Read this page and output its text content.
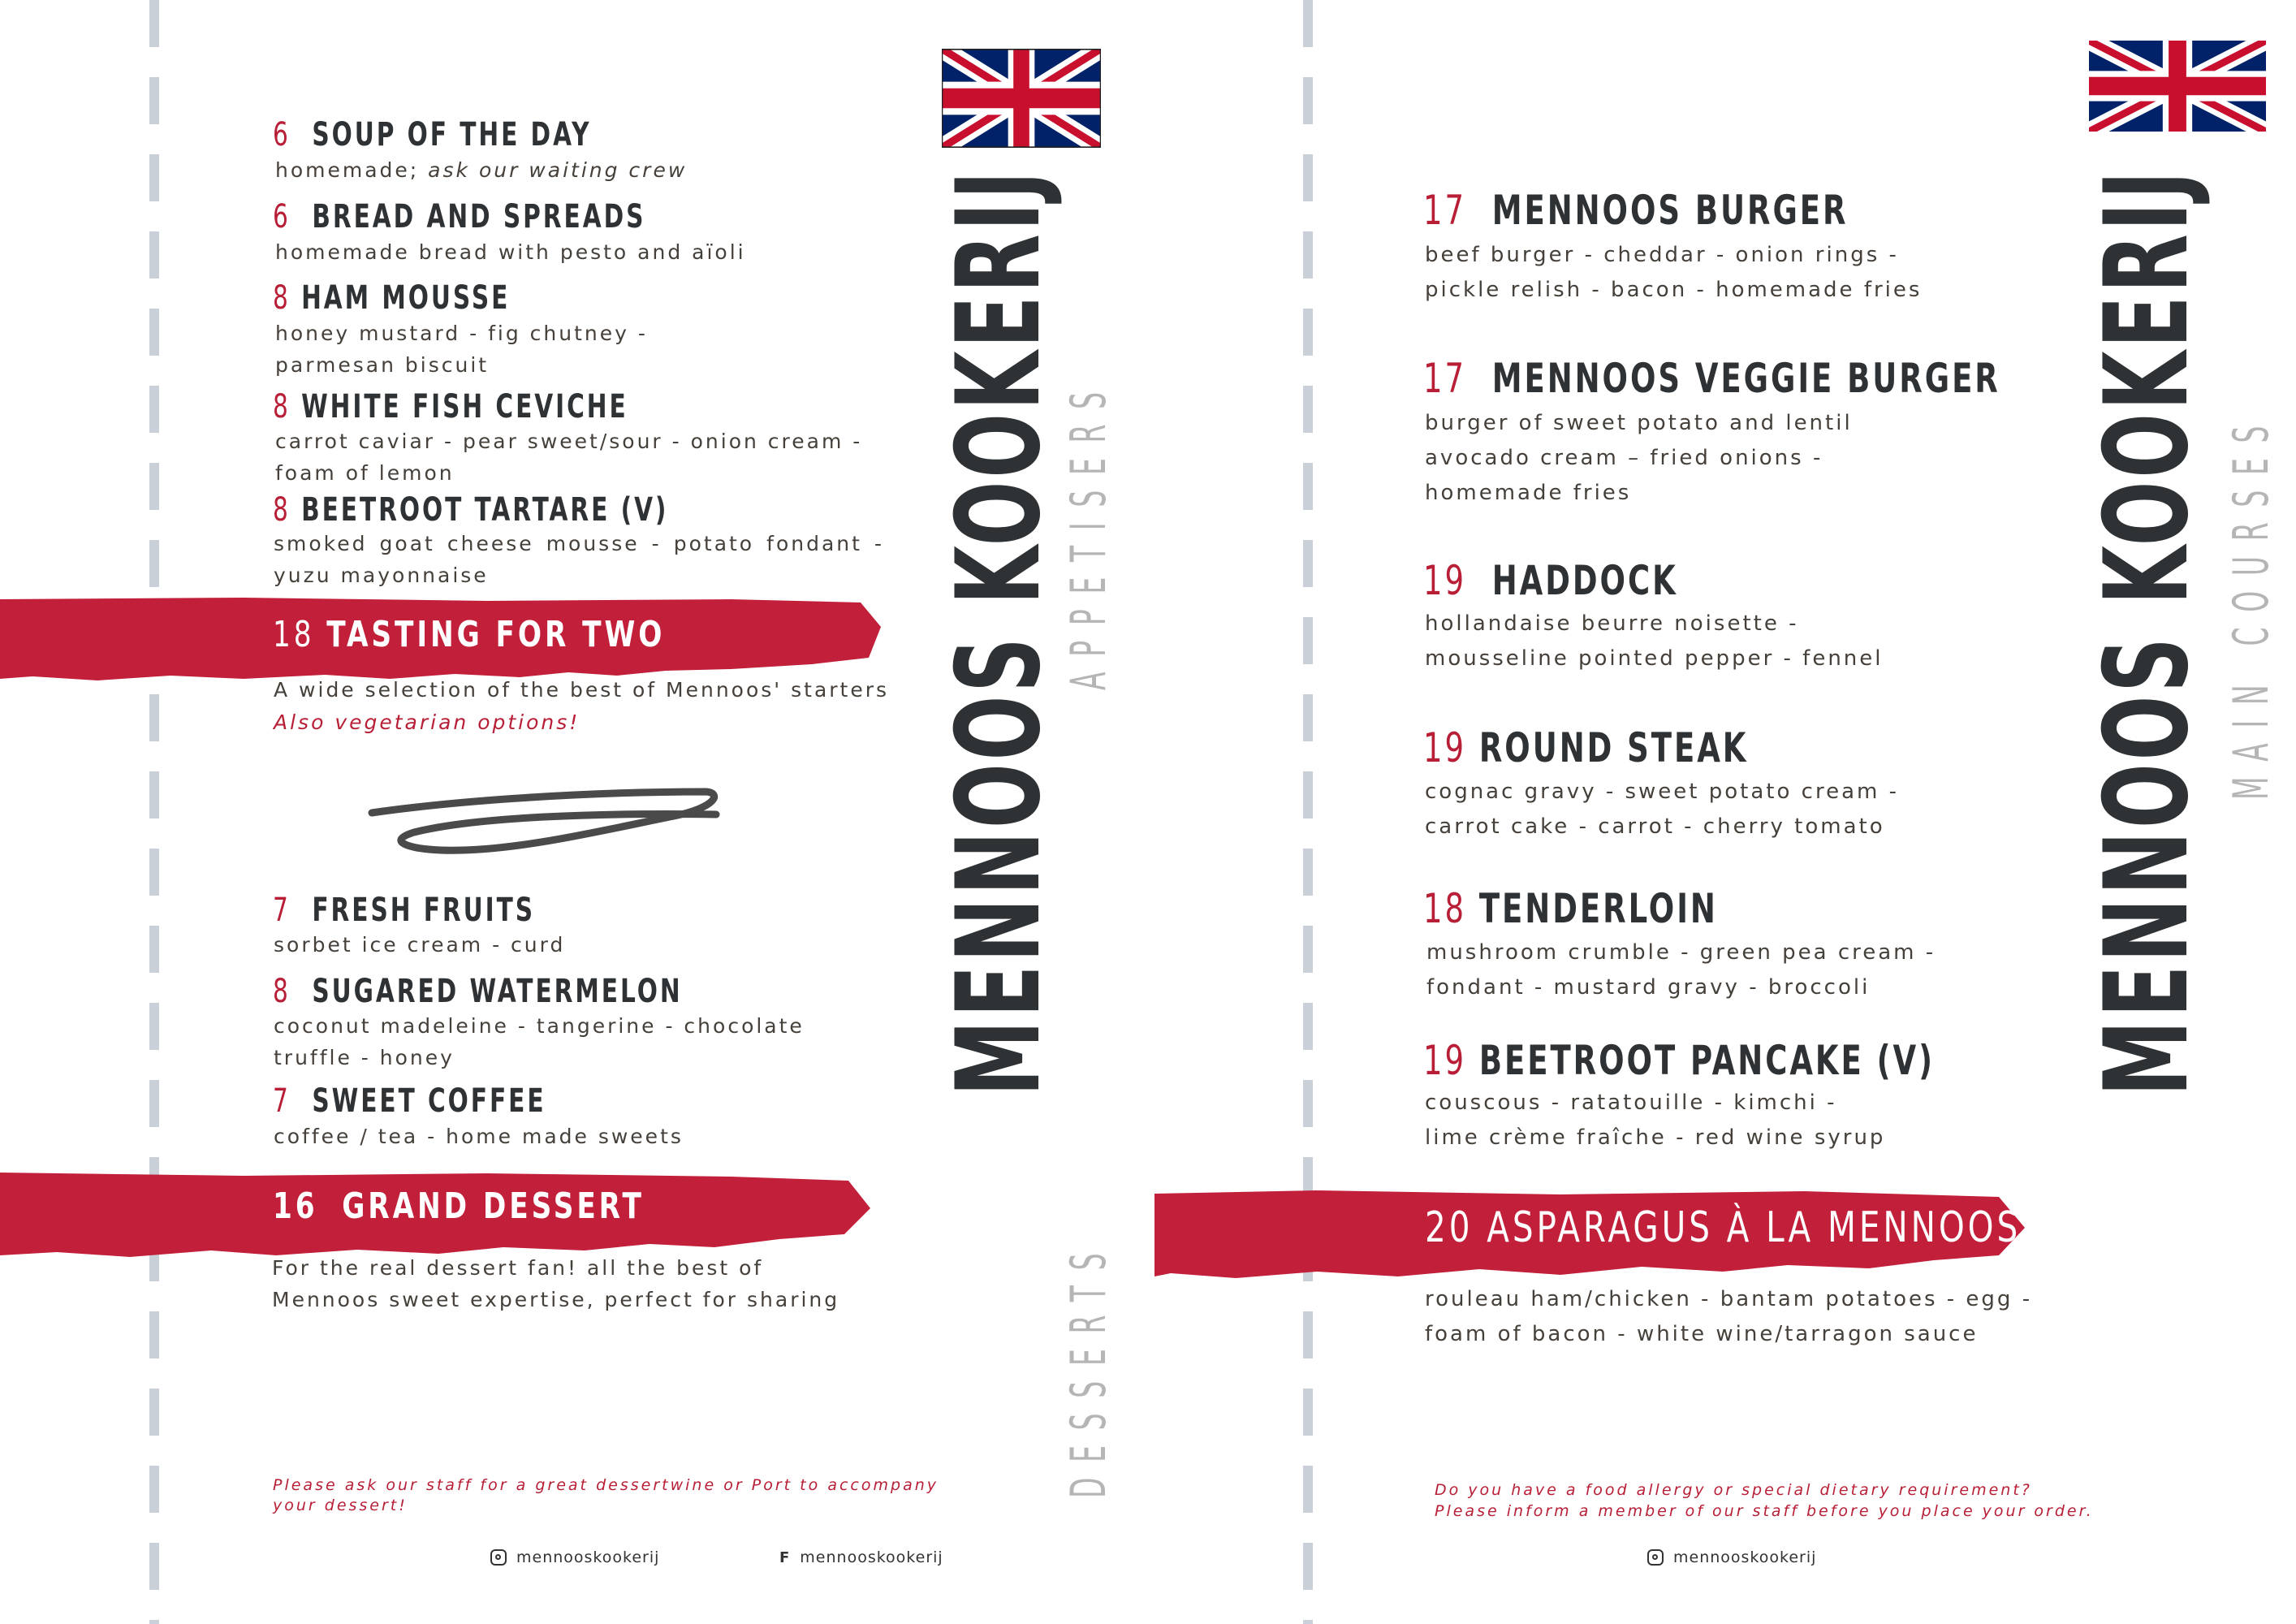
MENNOOS KOOKERIJ
APPETISERS
DESSERTS
6 SOUP OF THE DAY
homemade; ask our waiting crew
6 BREAD AND SPREADS
homemade bread with pesto and aïoli
8 HAM MOUSSE
honey mustard - fig chutney -
parmesan biscuit
8 WHITE FISH CEVICHE
carrot caviar - pear sweet/sour - onion cream -
foam of lemon
8 BEETROOT TARTARE (V)
smoked goat cheese mousse - potato fondant - yuzu mayonnaise
18 TASTING FOR TWO
A wide selection of the best of Mennoos' starters
Also vegetarian options!
7 FRESH FRUITS
sorbet ice cream - curd
8 SUGARED WATERMELON
coconut madeleine - tangerine - chocolate truffle - honey
7 SWEET COFFEE
coffee / tea - home made sweets
16 GRAND DESSERT
For the real dessert fan! all the best of Mennoos sweet expertise, perfect for sharing
Please ask our staff for a great dessertwine or Port to accompany your dessert!
mennooskookerij	F mennooskookerij
MENNOOS KOOKERIJ MAIN COURSES
17 MENNOOS BURGER
beef burger - cheddar - onion rings -
pickle relish - bacon - homemade fries
17 MENNOOS VEGGIE BURGER
burger of sweet potato and lentil
avocado cream – fried onions -
homemade fries
19 HADDOCK
hollandaise beurre noisette -
mousseline pointed pepper - fennel
19 ROUND STEAK
cognac gravy - sweet potato cream -
carrot cake - carrot - cherry tomato
18 TENDERLOIN
mushroom crumble - green pea cream -
fondant - mustard gravy - broccoli
19 BEETROOT PANCAKE (V)
couscous - ratatouille - kimchi -
lime crème fraîche - red wine syrup
20 ASPARAGUS À LA MENNOOS
rouleau ham/chicken - bantam potatoes - egg -
foam of bacon - white wine/tarragon sauce
Do you have a food allergy or special dietary requirement?
Please inform a member of our staff before you place your order.
mennooskookerij
